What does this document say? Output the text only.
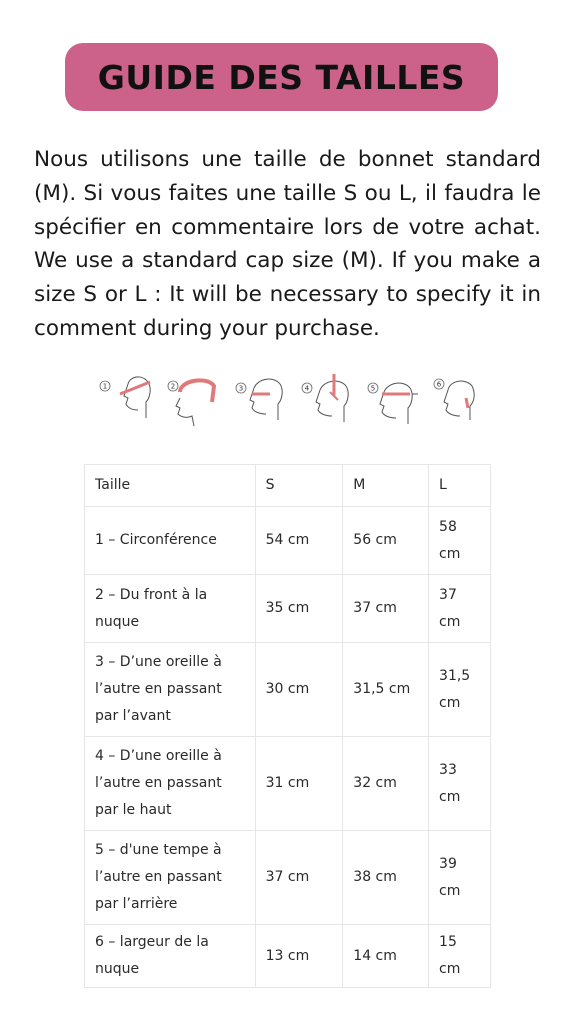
GUIDE DES TAILLES

Nous utilisons une taille de bonnet standard (M). Si vous faites une taille S ou L, il faudra le spécifier en commentaire lors de votre achat. We use a standard cap size (M). If you make a size S or L : It will be necessary to specify it in comment during your purchase.

1	2	3	4	5	6
Taille	S	M	L
1 – Circonférence	54 cm	56 cm	58 cm
2 – Du front à la nuque	35 cm	37 cm	37 cm
3 – D’une oreille à l’autre en passant par l’avant	30 cm	31,5 cm	31,5 cm
4 – D’une oreille à l’autre en passant par le haut	31 cm	32 cm	33 cm
5 – d'une tempe à l’autre en passant par l’arrière	37 cm	38 cm	39 cm
6 – largeur de la nuque	13 cm	14 cm	15 cm
